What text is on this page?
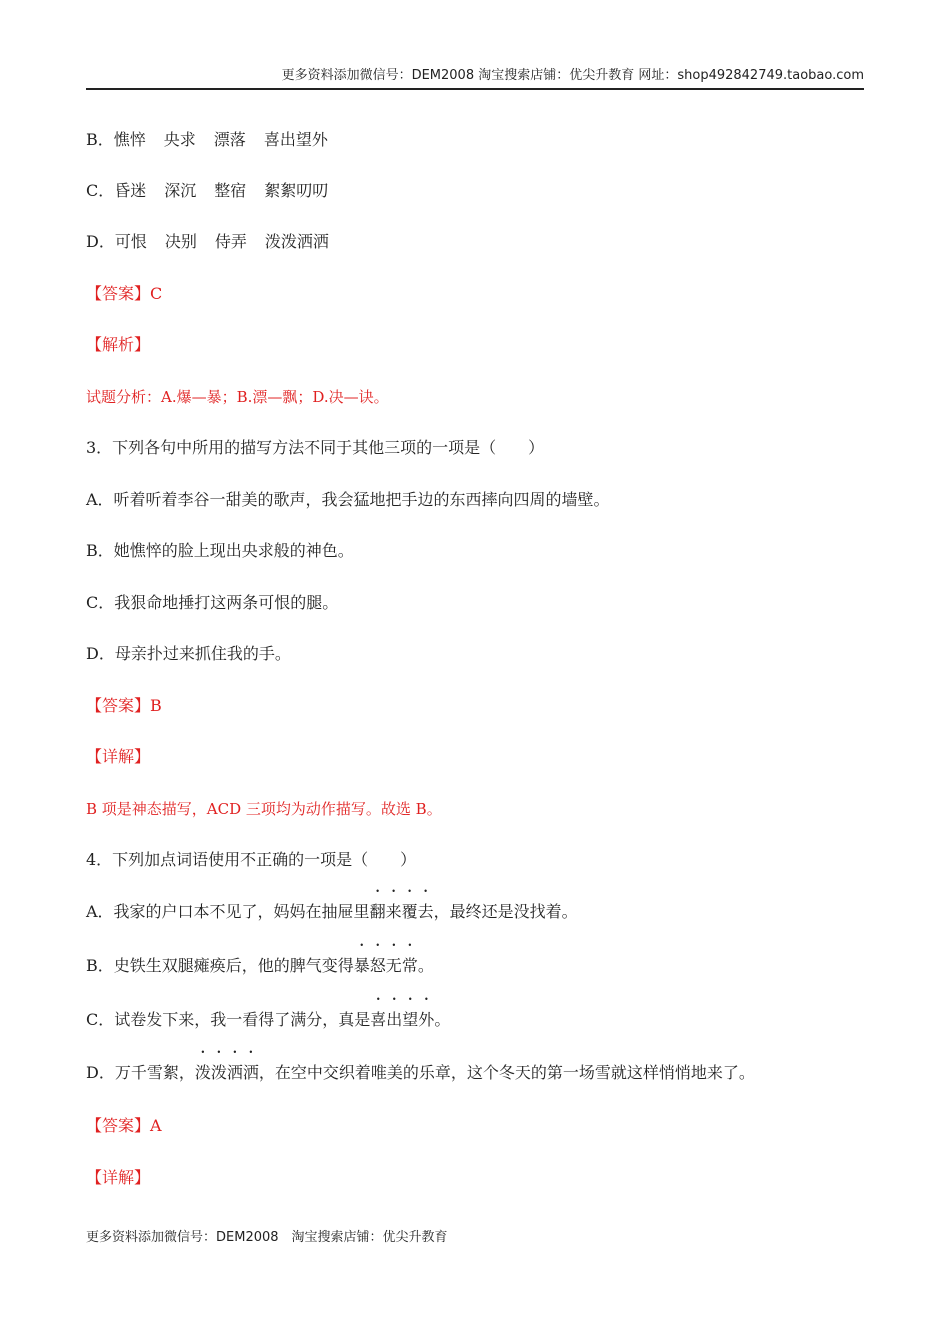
更多资料添加微信号：DEM2008 淘宝搜索店铺：优尖升教育 网址：shop492842749.taobao.com
B．憔悴 央求 漂落 喜出望外
C．昏迷 深沉 整宿 絮絮叨叨
D．可恨 决别 侍弄 泼泼洒洒
【答案】C
【解析】
试题分析：A.爆—暴；B.漂—飘；D.决—诀。
3．下列各句中所用的描写方法不同于其他三项的一项是（　　）
A．听着听着李谷一甜美的歌声，我会猛地把手边的东西摔向四周的墙壁。
B．她憔悴的脸上现出央求般的神色。
C．我狠命地捶打这两条可恨的腿。
D．母亲扑过来抓住我的手。
【答案】B
【详解】
B 项是神态描写，ACD 三项均为动作描写。故选 B。
4．下列加点词语使用不正确的一项是（　　）
A．我家的户口本不见了，妈妈在抽屉里翻来覆去，最终还是没找着。
B．史铁生双腿瘫痪后，他的脾气变得暴怒无常。
C．试卷发下来，我一看得了满分，真是喜出望外。
D．万千雪絮，泼泼洒洒，在空中交织着唯美的乐章，这个冬天的第一场雪就这样悄悄地来了。
【答案】A
【详解】
更多资料添加微信号：DEM2008　淘宝搜索店铺：优尖升教育
